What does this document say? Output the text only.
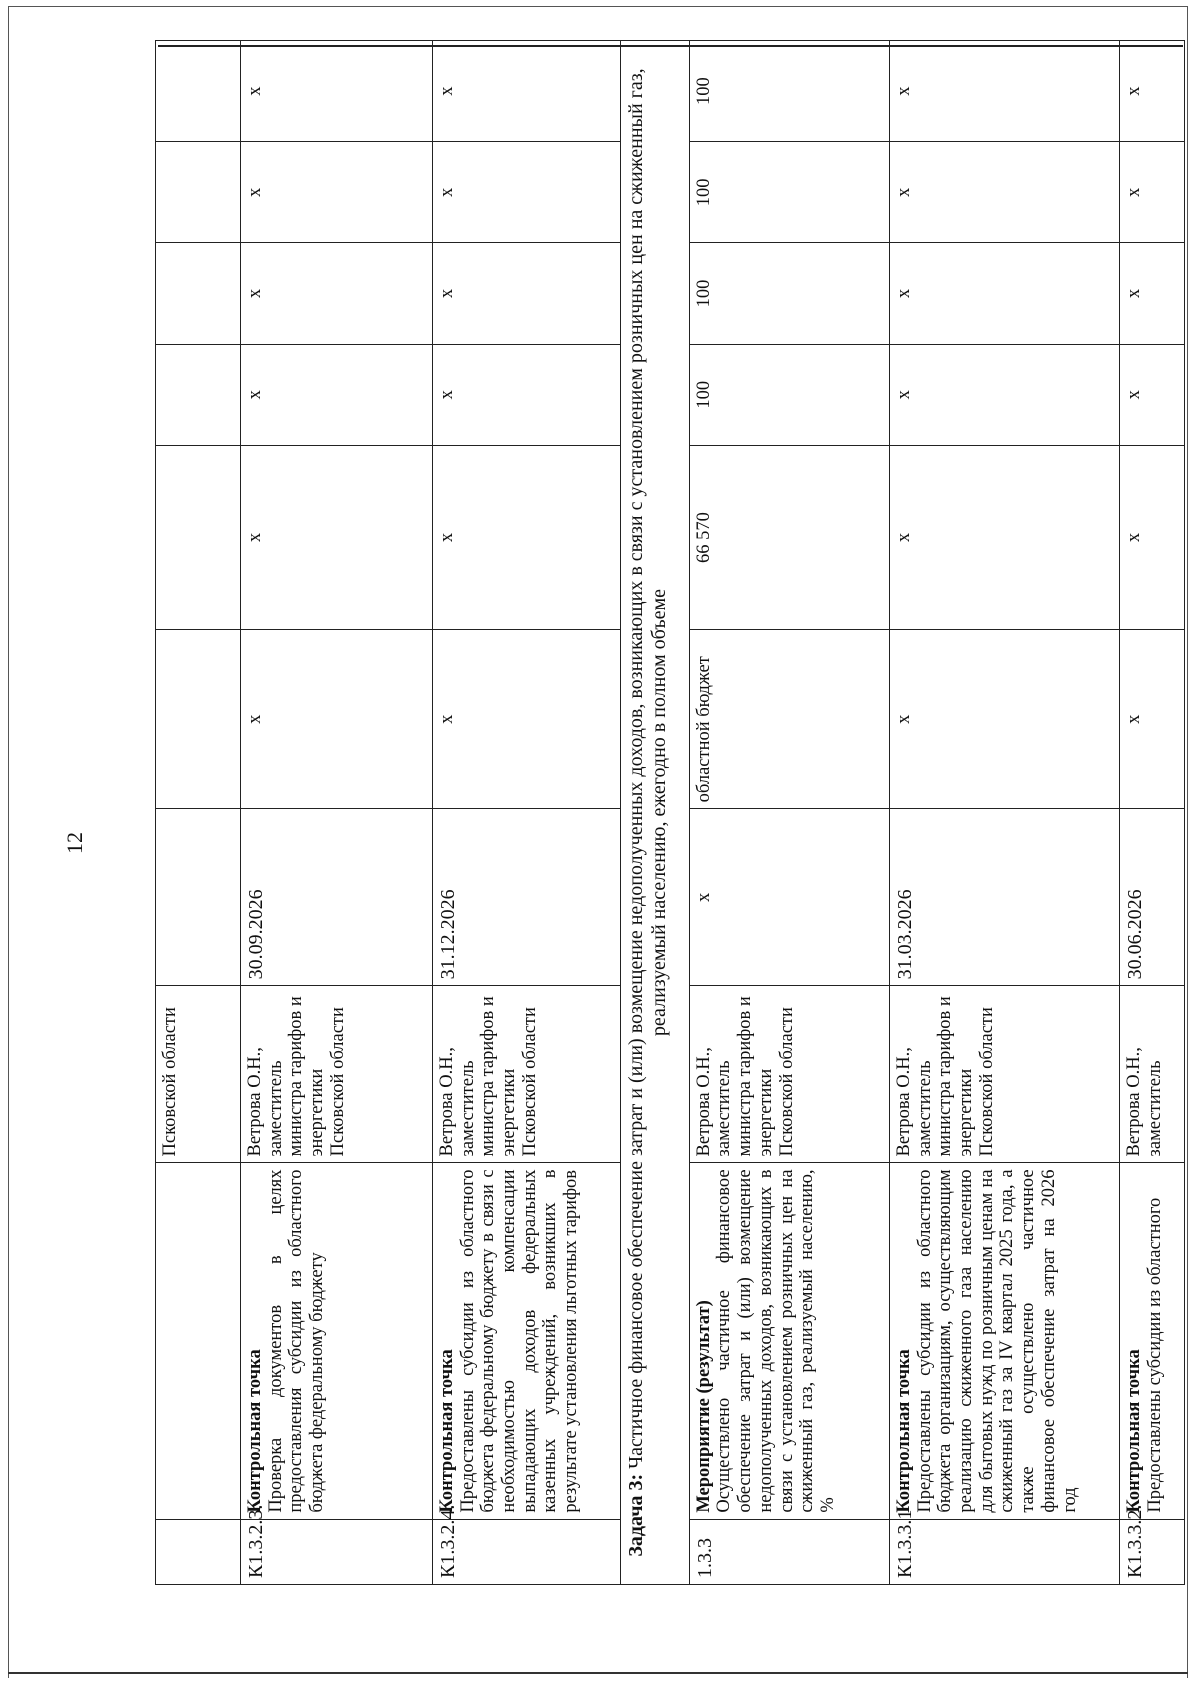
12
		Псковской области							
К1.3.2.3.	Контрольная точка Проверка документов в целях предоставления субсидии из областного бюджета федеральному бюджету	Ветрова О.Н., заместитель министра тарифов и энергетики Псковской области	30.09.2026	x	x	x	x	x	x
К1.3.2.4.	Контрольная точка Предоставлены субсидии из областного бюджета федеральному бюджету в связи с необходимостью компенсации выпадающих доходов федеральных казенных учреждений, возникших в результате установления льготных тарифов	Ветрова О.Н., заместитель министра тарифов и энергетики Псковской области	31.12.2026	x	x	x	x	x	x
Задача 3: Частичное финансовое обеспечение затрат и (или) возмещение недополученных доходов, возникающих в связи с установлением розничных цен на сжиженный газ, реализуемый населению, ежегодно в полном объеме									
1.3.3	Мероприятие (результат) Осуществлено частичное финансовое обеспечение затрат и (или) возмещение недополученных доходов, возникающих в связи с установлением розничных цен на сжиженный газ, реализуемый населению, %	Ветрова О.Н., заместитель министра тарифов и энергетики Псковской области	x	областной бюджет	66 570	100	100	100	100
К1.3.3.1	Контрольная точка Предоставлены субсидии из областного бюджета организациям, осуществляющим реализацию сжиженного газа населению для бытовых нужд по розничным ценам на сжиженный газ за IV квартал 2025 года, а также осуществлено частичное финансовое обеспечение затрат на 2026 год	Ветрова О.Н., заместитель министра тарифов и энергетики Псковской области	31.03.2026	x	x	x	x	x	x
К1.3.3.2.	Контрольная точка Предоставлены субсидии из областного	Ветрова О.Н., заместитель	30.06.2026	x	x	x	x	x	x
